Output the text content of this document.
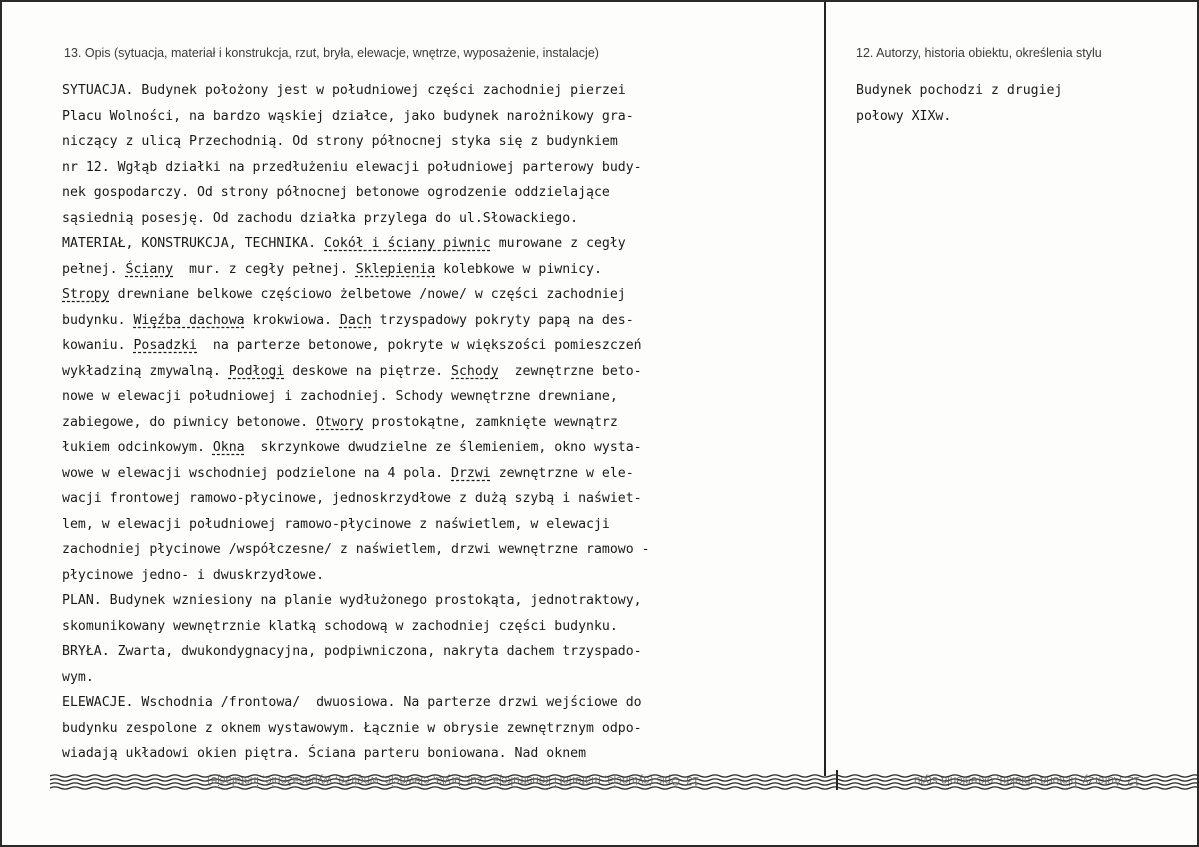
13. Opis (sytuacja, materiał i konstrukcja, rzut, bryła, elewacje, wnętrze, wyposażenie, instalacje)	12. Autorzy, historia obiektu, określenia stylu
SYTUACJA. Budynek położony jest w południowej części zachodniej pierzei
Placu Wolności, na bardzo wąskiej działce, jako budynek narożnikowy gra-
niczący z ulicą Przechodnią. Od strony północnej styka się z budynkiem
nr 12. Wgłąb działki na przedłużeniu elewacji południowej parterowy budy-
nek gospodarczy. Od strony północnej betonowe ogrodzenie oddzielające
sąsiednią posesję. Od zachodu działka przylega do ul.Słowackiego.
MATERIAŁ, KONSTRUKCJA, TECHNIKA. Cokół i ściany piwnic murowane z cegły
pełnej. Ściany  mur. z cegły pełnej. Sklepienia kolebkowe w piwnicy.
Stropy drewniane belkowe częściowo żelbetowe /nowe/ w części zachodniej
budynku. Więźba dachowa krokwiowa. Dach trzyspadowy pokryty papą na des-
kowaniu. Posadzki  na parterze betonowe, pokryte w większości pomieszczeń
wykładziną zmywalną. Podłogi deskowe na piętrze. Schody  zewnętrzne beto-
nowe w elewacji południowej i zachodniej. Schody wewnętrzne drewniane,
zabiegowe, do piwnicy betonowe. Otwory prostokątne, zamknięte wewnątrz
łukiem odcinkowym. Okna  skrzynkowe dwudzielne ze ślemieniem, okno wysta-
wowe w elewacji wschodniej podzielone na 4 pola. Drzwi zewnętrzne w ele-
wacji frontowej ramowo-płycinowe, jednoskrzydłowe z dużą szybą i naświet-
lem, w elewacji południowej ramowo-płycinowe z naświetlem, w elewacji
zachodniej płycinowe /współczesne/ z naświetlem, drzwi wewnętrzne ramowo -
płycinowe jedno- i dwuskrzydłowe.
PLAN. Budynek wzniesiony na planie wydłużonego prostokąta, jednotraktowy,
skomunikowany wewnętrznie klatką schodową w zachodniej części budynku.
BRYŁA. Zwarta, dwukondygnacyjna, podpiwniczona, nakryta dachem trzyspado-
wym.
ELEWACJE. Wschodnia /frontowa/  dwuosiowa. Na parterze drzwi wejściowe do
budynku zespolone z oknem wystawowym. Łącznie w obrysie zewnętrznym odpo-
wiadają układowi okien piętra. Ściana parteru boniowana. Nad oknem
Budynek pochodzi z drugiej
połowy XIXw.
13. Opis (sytuacja, materiał i konstrukcja, rzut, bryła, elewacje, wnętrze, wyposażenie, instalacje)	12. Autorzy, historia obiektu, określenia stylu
